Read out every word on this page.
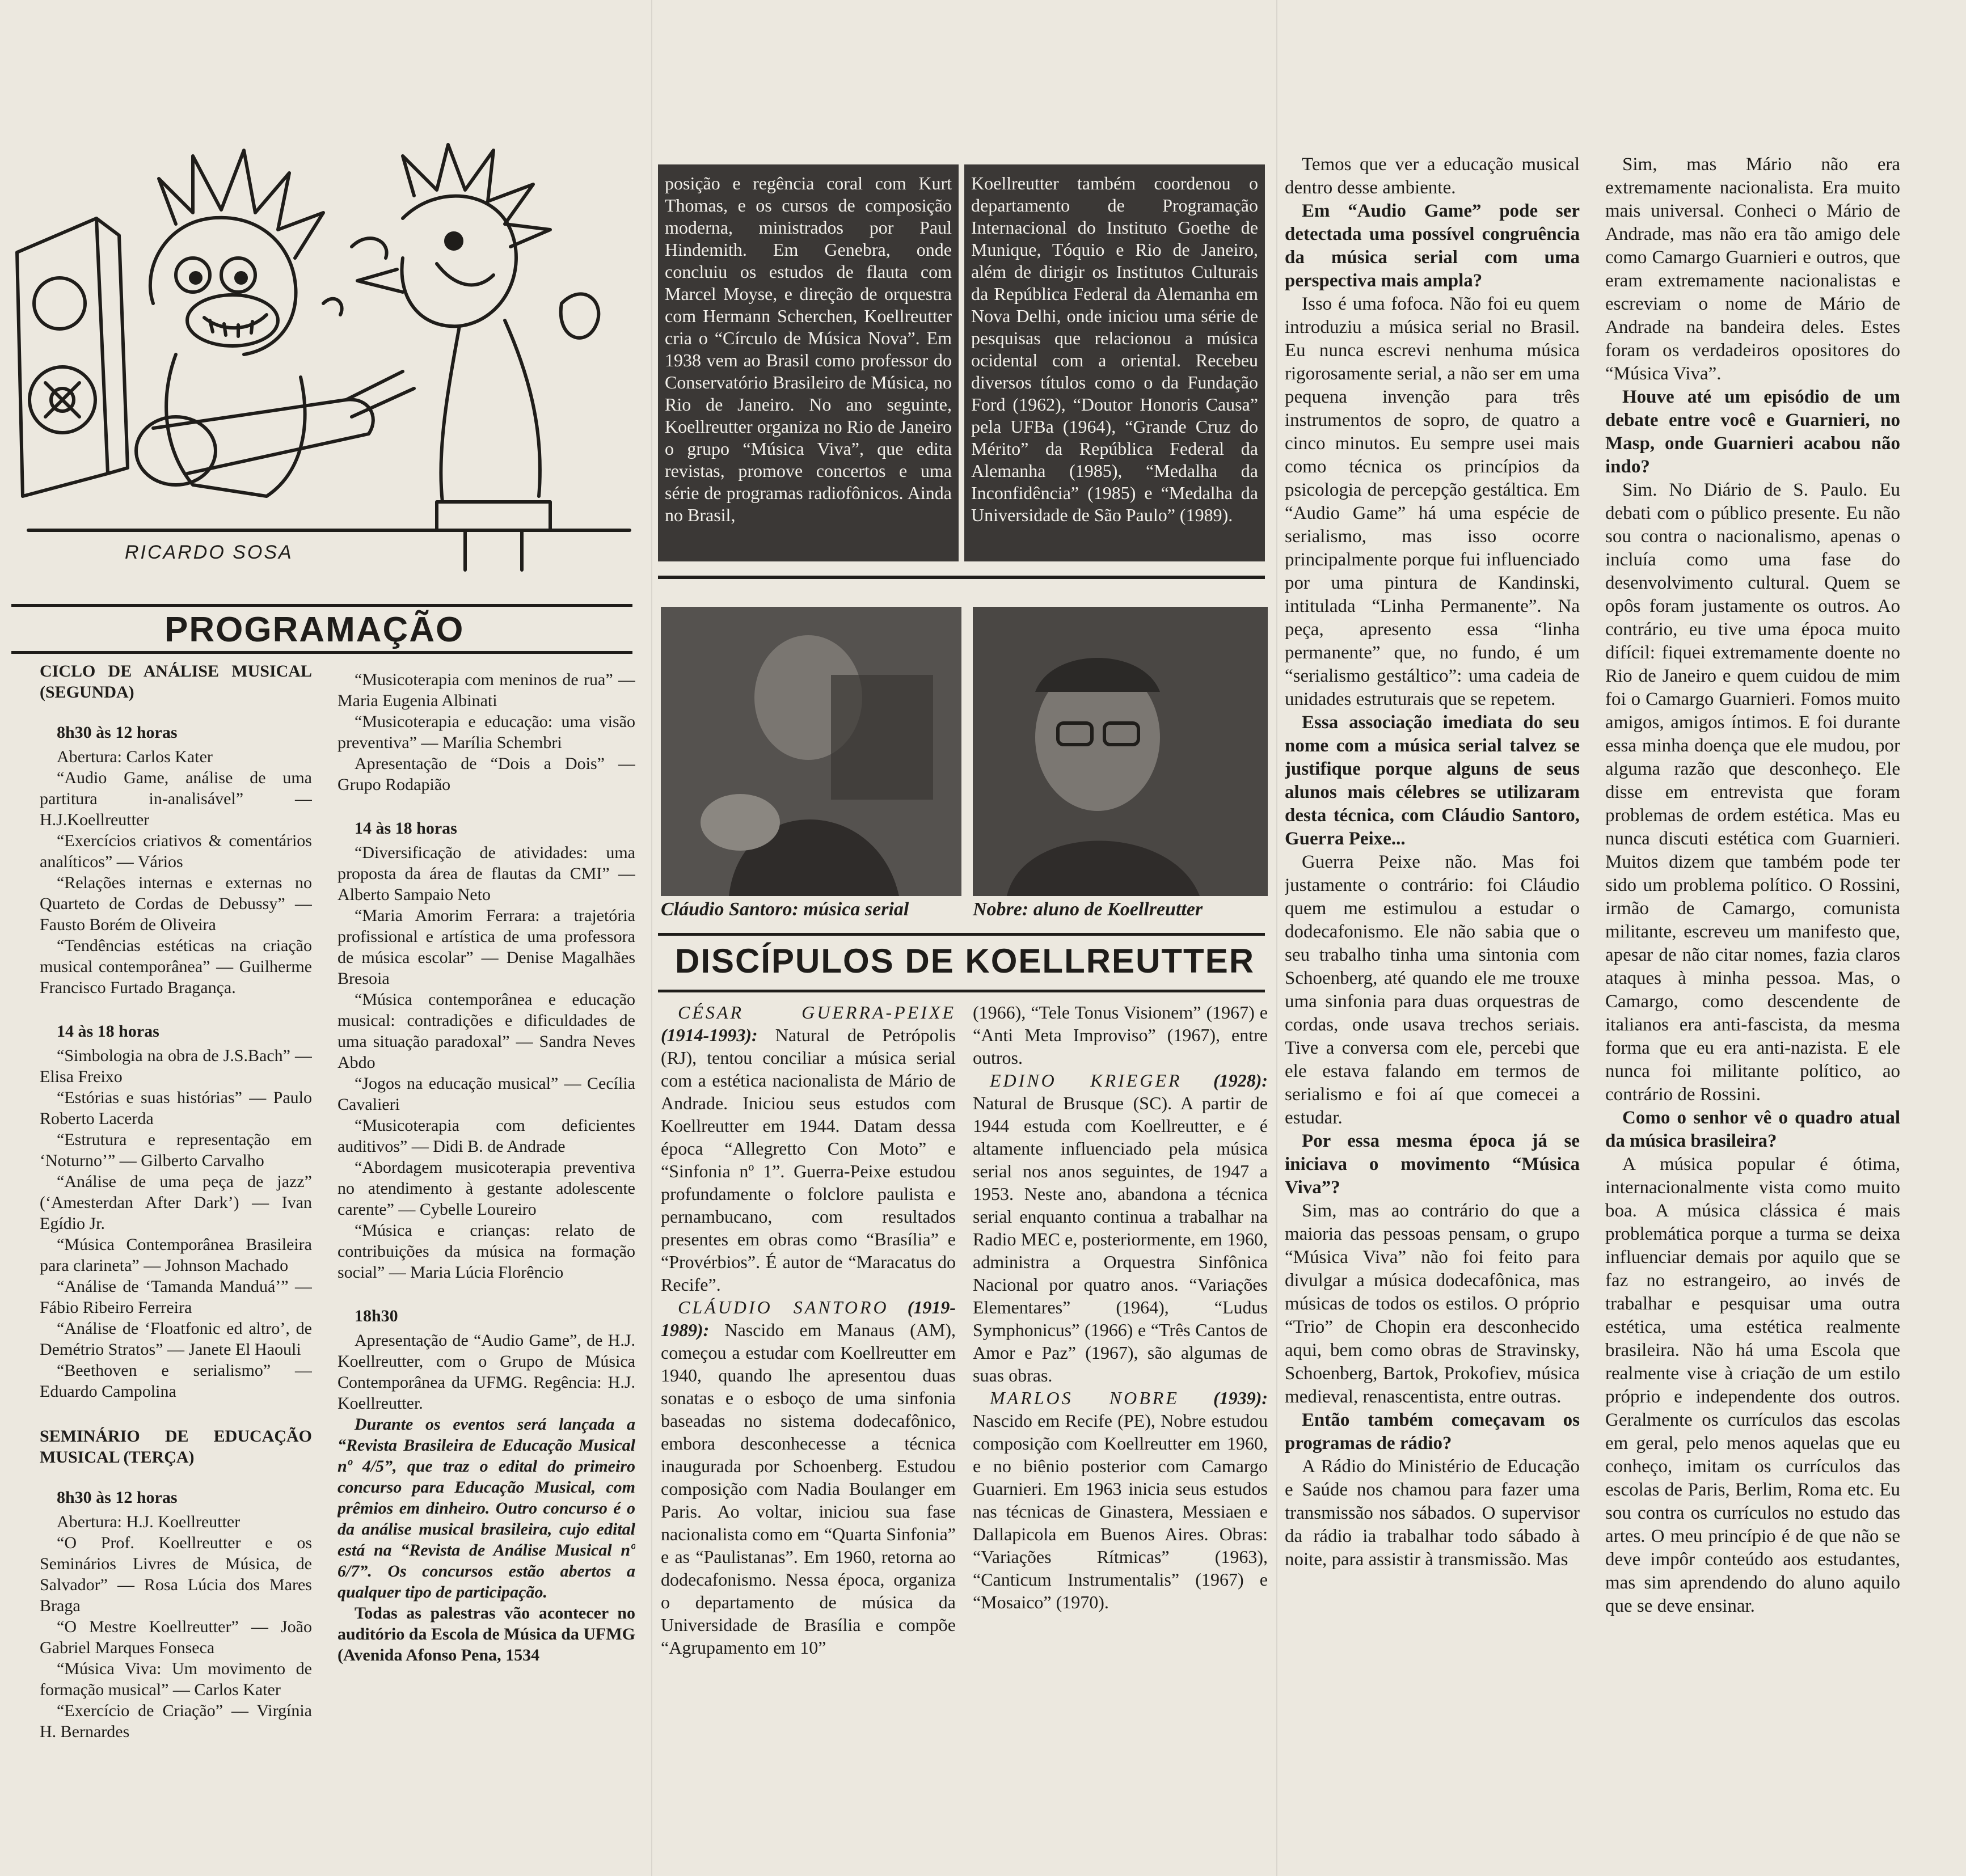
RICARDO SOSA
PROGRAMAÇÃO
CICLO DE ANÁLISE MUSICAL (SEGUNDA)
8h30 às 12 horas

Abertura: Carlos Kater

“Audio Game, análise de uma partitura in-analisável” — H.J.Koellreutter

“Exercícios criativos & comentários analíticos” — Vários

“Relações internas e externas no Quarteto de Cordas de Debussy” — Fausto Borém de Oliveira

“Tendências estéticas na criação musical contemporânea” — Guilherme Francisco Furtado Bragança.

14 às 18 horas

“Simbologia na obra de J.S.Bach” — Elisa Freixo

“Estórias e suas histórias” — Paulo Roberto Lacerda

“Estrutura e representação em ‘Noturno’” — Gilberto Carvalho

“Análise de uma peça de jazz” (‘Amesterdan After Dark’) — Ivan Egídio Jr.

“Música Contemporânea Brasileira para clarineta” — Johnson Machado

“Análise de ‘Tamanda Manduá’” — Fábio Ribeiro Ferreira

“Análise de ‘Floatfonic ed altro’, de Demétrio Stratos” — Janete El Haouli

“Beethoven e serialismo” — Eduardo Campolina

SEMINÁRIO DE EDUCAÇÃO MUSICAL (TERÇA)
8h30 às 12 horas

Abertura: H.J. Koellreutter

“O Prof. Koellreutter e os Seminários Livres de Música, de Salvador” — Rosa Lúcia dos Mares Braga

“O Mestre Koellreutter” — João Gabriel Marques Fonseca

“Música Viva: Um movimento de formação musical” — Carlos Kater

“Exercício de Criação” — Virgínia H. Bernardes

“Musicoterapia com meninos de rua” — Maria Eugenia Albinati

“Musicoterapia e educação: uma visão preventiva” — Marília Schembri

Apresentação de “Dois a Dois” — Grupo Rodapião

14 às 18 horas

“Diversificação de atividades: uma proposta da área de flautas da CMI” — Alberto Sampaio Neto

“Maria Amorim Ferrara: a trajetória profissional e artística de uma professora de música escolar” — Denise Magalhães Bresoia

“Música contemporânea e educação musical: contradições e dificuldades de uma situação paradoxal” — Sandra Neves Abdo

“Jogos na educação musical” — Cecília Cavalieri

“Musicoterapia com deficientes auditivos” — Didi B. de Andrade

“Abordagem musicoterapia preventiva no atendimento à gestante adolescente carente” — Cybelle Loureiro

“Música e crianças: relato de contribuições da música na formação social” — Maria Lúcia Florêncio

18h30

Apresentação de “Audio Game”, de H.J. Koellreutter, com o Grupo de Música Contemporânea da UFMG. Regência: H.J. Koellreutter.

Durante os eventos será lançada a “Revista Brasileira de Educação Musical nº 4/5”, que traz o edital do primeiro concurso para Educação Musical, com prêmios em dinheiro. Outro concurso é o da análise musical brasileira, cujo edital está na “Revista de Análise Musical nº 6/7”. Os concursos estão abertos a qualquer tipo de participação.

Todas as palestras vão acontecer no auditório da Escola de Música da UFMG (Avenida Afonso Pena, 1534

posição e regência coral com Kurt Thomas, e os cursos de composição moderna, ministrados por Paul Hindemith. Em Genebra, onde concluiu os estudos de flauta com Marcel Moyse, e direção de orquestra com Hermann Scherchen, Koellreutter cria o “Círculo de Música Nova”. Em 1938 vem ao Brasil como professor do Conservatório Brasileiro de Música, no Rio de Janeiro. No ano seguinte, Koellreutter organiza no Rio de Janeiro o grupo “Música Viva”, que edita revistas, promove concertos e uma série de programas radiofônicos. Ainda no Brasil,
Koellreutter também coordenou o departamento de Programação Internacional do Instituto Goethe de Munique, Tóquio e Rio de Janeiro, além de dirigir os Institutos Culturais da República Federal da Alemanha em Nova Delhi, onde iniciou uma série de pesquisas que relacionou a música ocidental com a oriental. Recebeu diversos títulos como o da Fundação Ford (1962), “Doutor Honoris Causa” pela UFBa (1964), “Grande Cruz do Mérito” da República Federal da Alemanha (1985), “Medalha da Inconfidência” (1985) e “Medalha da Universidade de São Paulo” (1989).
Cláudio Santoro: música serial	Nobre: aluno de Koellreutter
DISCÍPULOS DE KOELLREUTTER

CÉSAR GUERRA-PEIXE (1914-1993): Natural de Petrópolis (RJ), tentou conciliar a música serial com a estética nacionalista de Mário de Andrade. Iniciou seus estudos com Koellreutter em 1944. Datam dessa época “Allegretto Con Moto” e “Sinfonia nº 1”. Guerra-Peixe estudou profundamente o folclore paulista e pernambucano, com resultados presentes em obras como “Brasília” e “Provérbios”. É autor de “Maracatus do Recife”.

CLÁUDIO SANTORO (1919-1989): Nascido em Manaus (AM), começou a estudar com Koellreutter em 1940, quando lhe apresentou duas sonatas e o esboço de uma sinfonia baseadas no sistema dodecafônico, embora desconhecesse a técnica inaugurada por Schoenberg. Estudou composição com Nadia Boulanger em Paris. Ao voltar, iniciou sua fase nacionalista como em “Quarta Sinfonia” e as “Paulistanas”. Em 1960, retorna ao dodecafonismo. Nessa época, organiza o departamento de música da Universidade de Brasília e compõe “Agrupamento em 10”

(1966), “Tele Tonus Visionem” (1967) e “Anti Meta Improviso” (1967), entre outros.

EDINO KRIEGER (1928): Natural de Brusque (SC). A partir de 1944 estuda com Koellreutter, e é altamente influenciado pela música serial nos anos seguintes, de 1947 a 1953. Neste ano, abandona a técnica serial enquanto continua a trabalhar na Radio MEC e, posteriormente, em 1960, administra a Orquestra Sinfônica Nacional por quatro anos. “Variações Elementares” (1964), “Ludus Symphonicus” (1966) e “Três Cantos de Amor e Paz” (1967), são algumas de suas obras.

MARLOS NOBRE (1939): Nascido em Recife (PE), Nobre estudou composição com Koellreutter em 1960, e no biênio posterior com Camargo Guarnieri. Em 1963 inicia seus estudos nas técnicas de Ginastera, Messiaen e Dallapicola em Buenos Aires. Obras: “Variações Rítmicas” (1963), “Canticum Instrumentalis” (1967) e “Mosaico” (1970).

Temos que ver a educação musical dentro desse ambiente.

Em “Audio Game” pode ser detectada uma possível congruência da música serial com uma perspectiva mais ampla?

Isso é uma fofoca. Não foi eu quem introduziu a música serial no Brasil. Eu nunca escrevi nenhuma música rigorosamente serial, a não ser em uma pequena invenção para três instrumentos de sopro, de quatro a cinco minutos. Eu sempre usei mais como técnica os princípios da psicologia de percepção gestáltica. Em “Audio Game” há uma espécie de serialismo, mas isso ocorre principalmente porque fui influenciado por uma pintura de Kandinski, intitulada “Linha Permanente”. Na peça, apresento essa “linha permanente” que, no fundo, é um “serialismo gestáltico”: uma cadeia de unidades estruturais que se repetem.

Essa associação imediata do seu nome com a música serial talvez se justifique porque alguns de seus alunos mais célebres se utilizaram desta técnica, com Cláudio Santoro, Guerra Peixe...

Guerra Peixe não. Mas foi justamente o contrário: foi Cláudio quem me estimulou a estudar o dodecafonismo. Ele não sabia que o seu trabalho tinha uma sintonia com Schoenberg, até quando ele me trouxe uma sinfonia para duas orquestras de cordas, onde usava trechos seriais. Tive a conversa com ele, percebi que ele estava falando em termos de serialismo e foi aí que comecei a estudar.

Por essa mesma época já se iniciava o movimento “Música Viva”?

Sim, mas ao contrário do que a maioria das pessoas pensam, o grupo “Música Viva” não foi feito para divulgar a música dodecafônica, mas músicas de todos os estilos. O próprio “Trio” de Chopin era desconhecido aqui, bem como obras de Stravinsky, Schoenberg, Bartok, Prokofiev, música medieval, renascentista, entre outras.

Então também começavam os programas de rádio?

A Rádio do Ministério de Educação e Saúde nos chamou para fazer uma transmissão nos sábados. O supervisor da rádio ia trabalhar todo sábado à noite, para assistir à transmissão. Mas

Sim, mas Mário não era extremamente nacionalista. Era muito mais universal. Conheci o Mário de Andrade, mas não era tão amigo dele como Camargo Guarnieri e outros, que eram extremamente nacionalistas e escreviam o nome de Mário de Andrade na bandeira deles. Estes foram os verdadeiros opositores do “Música Viva”.

Houve até um episódio de um debate entre você e Guarnieri, no Masp, onde Guarnieri acabou não indo?

Sim. No Diário de S. Paulo. Eu debati com o público presente. Eu não sou contra o nacionalismo, apenas o incluía como uma fase do desenvolvimento cultural. Quem se opôs foram justamente os outros. Ao contrário, eu tive uma época muito difícil: fiquei extremamente doente no Rio de Janeiro e quem cuidou de mim foi o Camargo Guarnieri. Fomos muito amigos, amigos íntimos. E foi durante essa minha doença que ele mudou, por alguma razão que desconheço. Ele disse em entrevista que foram problemas de ordem estética. Mas eu nunca discuti estética com Guarnieri. Muitos dizem que também pode ter sido um problema político. O Rossini, irmão de Camargo, comunista militante, escreveu um manifesto que, apesar de não citar nomes, fazia claros ataques à minha pessoa. Mas, o Camargo, como descendente de italianos era anti-fascista, da mesma forma que eu era anti-nazista. E ele nunca foi militante político, ao contrário de Rossini.

Como o senhor vê o quadro atual da música brasileira?

A música popular é ótima, internacionalmente vista como muito boa. A música clássica é mais problemática porque a turma se deixa influenciar demais por aquilo que se faz no estrangeiro, ao invés de trabalhar e pesquisar uma outra estética, uma estética realmente brasileira. Não há uma Escola que realmente vise à criação de um estilo próprio e independente dos outros. Geralmente os currículos das escolas em geral, pelo menos aquelas que eu conheço, imitam os currículos das escolas de Paris, Berlim, Roma etc. Eu sou contra os currículos no estudo das artes. O meu princípio é de que não se deve impôr conteúdo aos estudantes, mas sim aprendendo do aluno aquilo que se deve ensinar.
